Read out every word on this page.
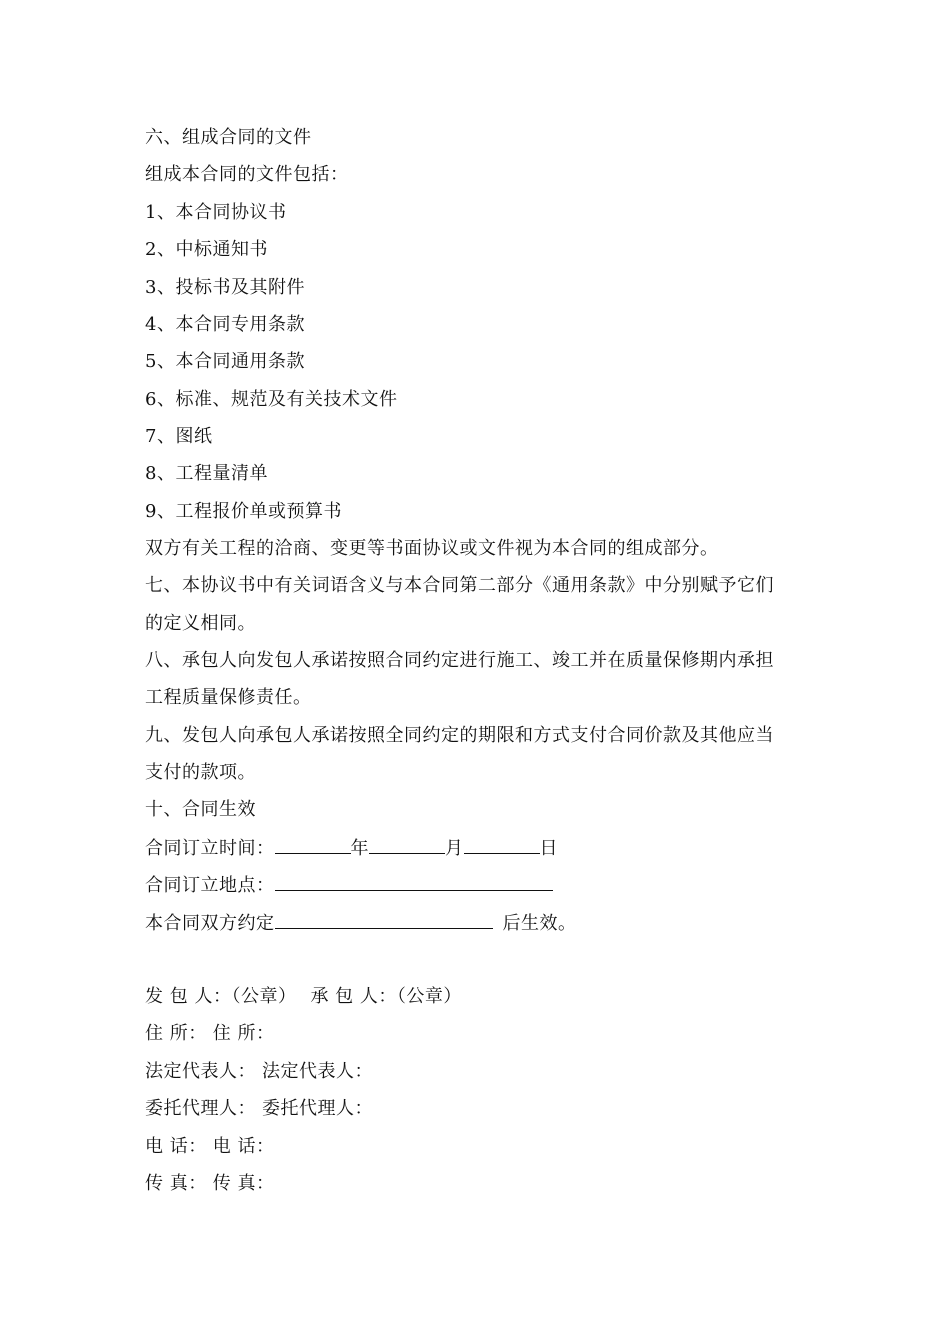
六、组成合同的文件
组成本合同的文件包括：
1、本合同协议书
2、中标通知书
3、投标书及其附件
4、本合同专用条款
5、本合同通用条款
6、标准、规范及有关技术文件
7、图纸
8、工程量清单
9、工程报价单或预算书
双方有关工程的洽商、变更等书面协议或文件视为本合同的组成部分。
七、本协议书中有关词语含义与本合同第二部分《通用条款》中分别赋予它们
的定义相同。
八、承包人向发包人承诺按照合同约定进行施工、竣工并在质量保修期内承担
工程质量保修责任。
九、发包人向承包人承诺按照全同约定的期限和方式支付合同价款及其他应当
支付的款项。
十、合同生效
合同订立时间：	年	月	日
合同订立地点：
本合同双方约定	后生效。
发 包 人：（公章） 承 包 人：（公章）
住 所： 住 所：
法定代表人： 法定代表人：
委托代理人： 委托代理人：
电 话： 电 话：
传 真： 传 真：
